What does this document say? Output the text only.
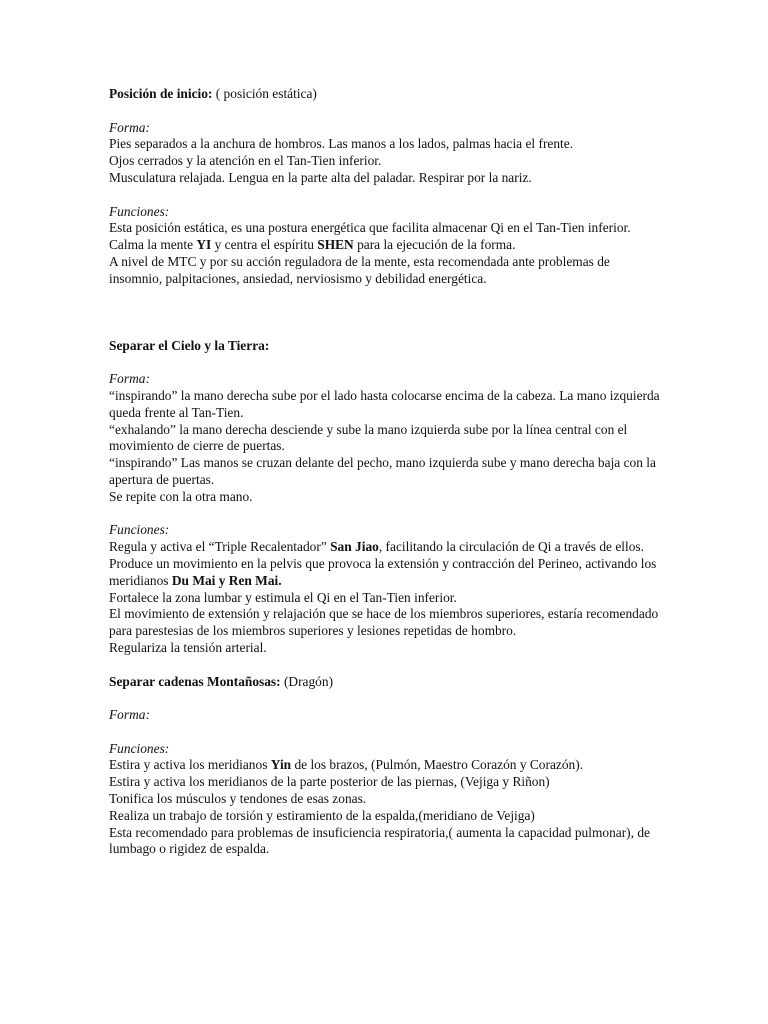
Posición de inicio: ( posición estática)

Forma:

Pies separados a la anchura de hombros. Las manos a los lados, palmas hacia el frente.

Ojos cerrados y la atención en el Tan-Tien inferior.

Musculatura relajada. Lengua en la parte alta del paladar. Respirar por la nariz.

Funciones:

Esta posición estática, es una postura energética que facilita almacenar Qi en el Tan-Tien inferior. Calma la mente YI y centra el espíritu SHEN para la ejecución de la forma.

A nivel de MTC y por su acción reguladora de la mente, esta recomendada ante problemas de insomnio, palpitaciones, ansiedad, nerviosismo y debilidad energética.

Separar el Cielo y la Tierra:

Forma:

“inspirando” la mano derecha sube por el lado hasta colocarse encima de la cabeza. La mano izquierda queda frente al Tan-Tien.

“exhalando” la mano derecha desciende y sube la mano izquierda sube por la línea central con el movimiento de cierre de puertas.

“inspirando” Las manos se cruzan delante del pecho, mano izquierda sube y mano derecha baja con la apertura de puertas.

Se repite con la otra mano.

Funciones:

Regula y activa el “Triple Recalentador” San Jiao, facilitando la circulación de Qi a través de ellos.

Produce un movimiento en la pelvis que provoca la extensión y contracción del Perineo, activando los meridianos Du Mai y Ren Mai.

Fortalece la zona lumbar y estimula el Qi en el Tan-Tien inferior.

El movimiento de extensión y relajación que se hace de los miembros superiores, estaría recomendado para parestesias de los miembros superiores y lesiones repetidas de hombro.

Regulariza la tensión arterial.

Separar cadenas Montañosas: (Dragón)

Forma:

Funciones:

Estira y activa los meridianos Yin de los brazos, (Pulmón, Maestro Corazón y Corazón).

Estira y activa los meridianos de la parte posterior de las piernas, (Vejiga y Riñon)

Tonifica los músculos y tendones de esas zonas.

Realiza un trabajo de torsión y estiramiento de la espalda,(meridiano de Vejiga)

Esta recomendado para problemas de insuficiencia respiratoria,( aumenta la capacidad pulmonar), de lumbago o rigidez de espalda.
